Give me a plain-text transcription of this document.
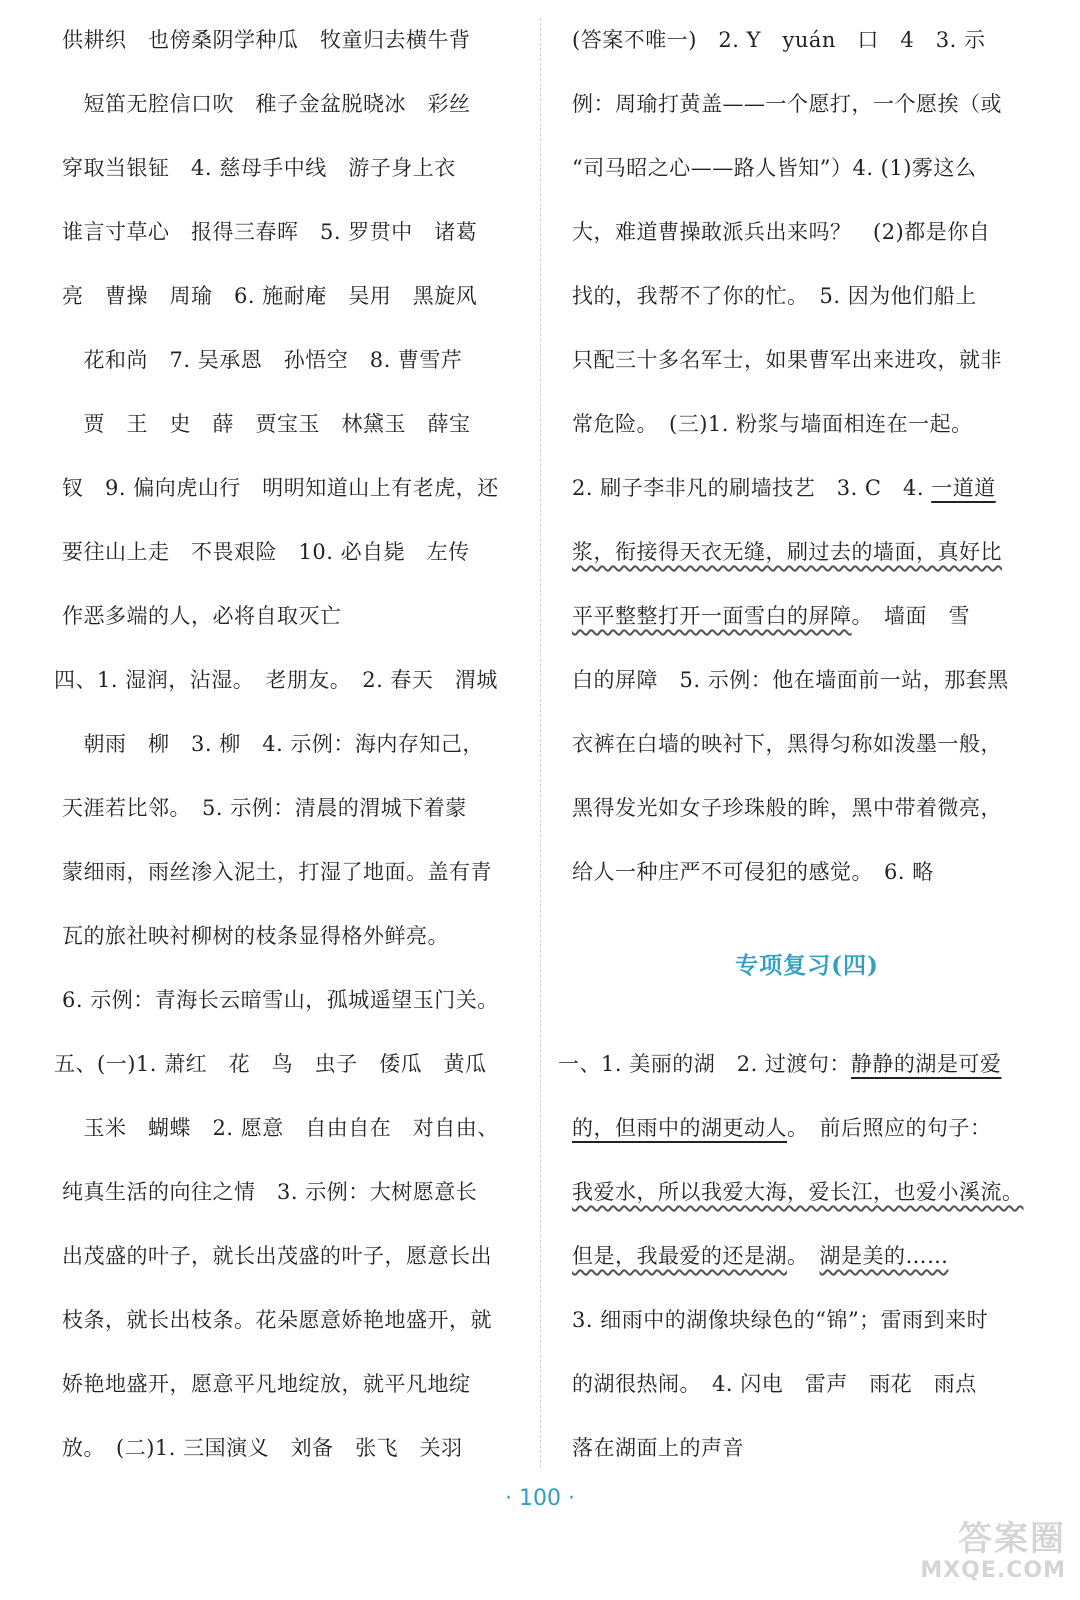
供耕织　也傍桑阴学种瓜　牧童归去横牛背
　短笛无腔信口吹　稚子金盆脱晓冰　彩丝
穿取当银钲　4. 慈母手中线　游子身上衣
谁言寸草心　报得三春晖　5. 罗贯中　诸葛
亮　曹操　周瑜　6. 施耐庵　吴用　黑旋风
　花和尚　7. 吴承恩　孙悟空　8. 曹雪芹
　贾　王　史　薛　贾宝玉　林黛玉　薛宝
钗　9. 偏向虎山行　明明知道山上有老虎，还
要往山上走　不畏艰险　10. 必自毙　左传
作恶多端的人，必将自取灭亡
四、1. 湿润，沾湿。　老朋友。　2. 春天　渭城
　朝雨　柳　3. 柳　4. 示例：海内存知己，
天涯若比邻。　5. 示例：清晨的渭城下着蒙
蒙细雨，雨丝渗入泥土，打湿了地面。盖有青
瓦的旅社映衬柳树的枝条显得格外鲜亮。
6. 示例：青海长云暗雪山，孤城遥望玉门关。
五、(一)1. 萧红　花　鸟　虫子　倭瓜　黄瓜
　玉米　蝴蝶　2. 愿意　自由自在　对自由、
纯真生活的向往之情　3. 示例：大树愿意长
出茂盛的叶子，就长出茂盛的叶子，愿意长出
枝条，就长出枝条。花朵愿意娇艳地盛开，就
娇艳地盛开，愿意平凡地绽放，就平凡地绽
放。　(二)1. 三国演义　刘备　张飞　关羽
(答案不唯一)　2. Y　yuán　口　4　3. 示
例：周瑜打黄盖——一个愿打，一个愿挨（或
“司马昭之心——路人皆知”）4. (1)雾这么
大，难道曹操敢派兵出来吗？　(2)都是你自
找的，我帮不了你的忙。　5. 因为他们船上
只配三十多名军士，如果曹军出来进攻，就非
常危险。　(三)1. 粉浆与墙面相连在一起。
2. 刷子李非凡的刷墙技艺　3. C　4. 一道道
浆，衔接得天衣无缝，刷过去的墙面，真好比
平平整整打开一面雪白的屏障。　墙面　雪
白的屏障　5. 示例：他在墙面前一站，那套黑
衣裤在白墙的映衬下，黑得匀称如泼墨一般，
黑得发光如女子珍珠般的眸，黑中带着微亮，
给人一种庄严不可侵犯的感觉。　6. 略
专项复习(四)
一、1. 美丽的湖　2. 过渡句：静静的湖是可爱
的，但雨中的湖更动人。　前后照应的句子：
我爱水，所以我爱大海，爱长江，也爱小溪流。
但是，我最爱的还是湖。　湖是美的……
3. 细雨中的湖像块绿色的“锦”；雷雨到来时
的湖很热闹。　4. 闪电　雷声　雨花　雨点
落在湖面上的声音
· 100 ·
答案圈
MXQE.COM
